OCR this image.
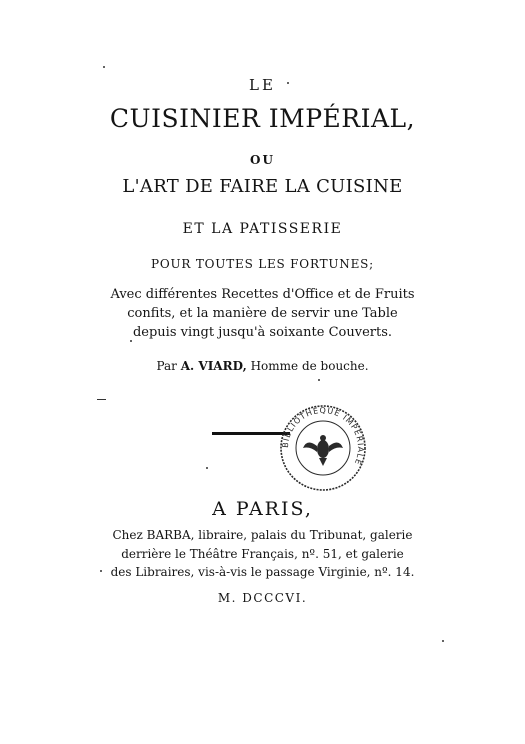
LE
CUISINIER IMPÉRIAL,
OU
L'ART DE FAIRE LA CUISINE
ET LA PATISSERIE
POUR TOUTES LES FORTUNES;
Avec différentes Recettes d'Office et de Fruits
confits, et la manière de servir une Table
depuis vingt jusqu'à soixante Couverts.
Par A. VIARD, Homme de bouche.
BIBLIOTHEQUE IMPERIALE
A PARIS,
Chez BARBA, libraire, palais du Tribunat, galerie
derrière le Théâtre Français, nº. 51, et galerie
des Libraires, vis-à-vis le passage Virginie, nº. 14.
M. DCCCVI.
